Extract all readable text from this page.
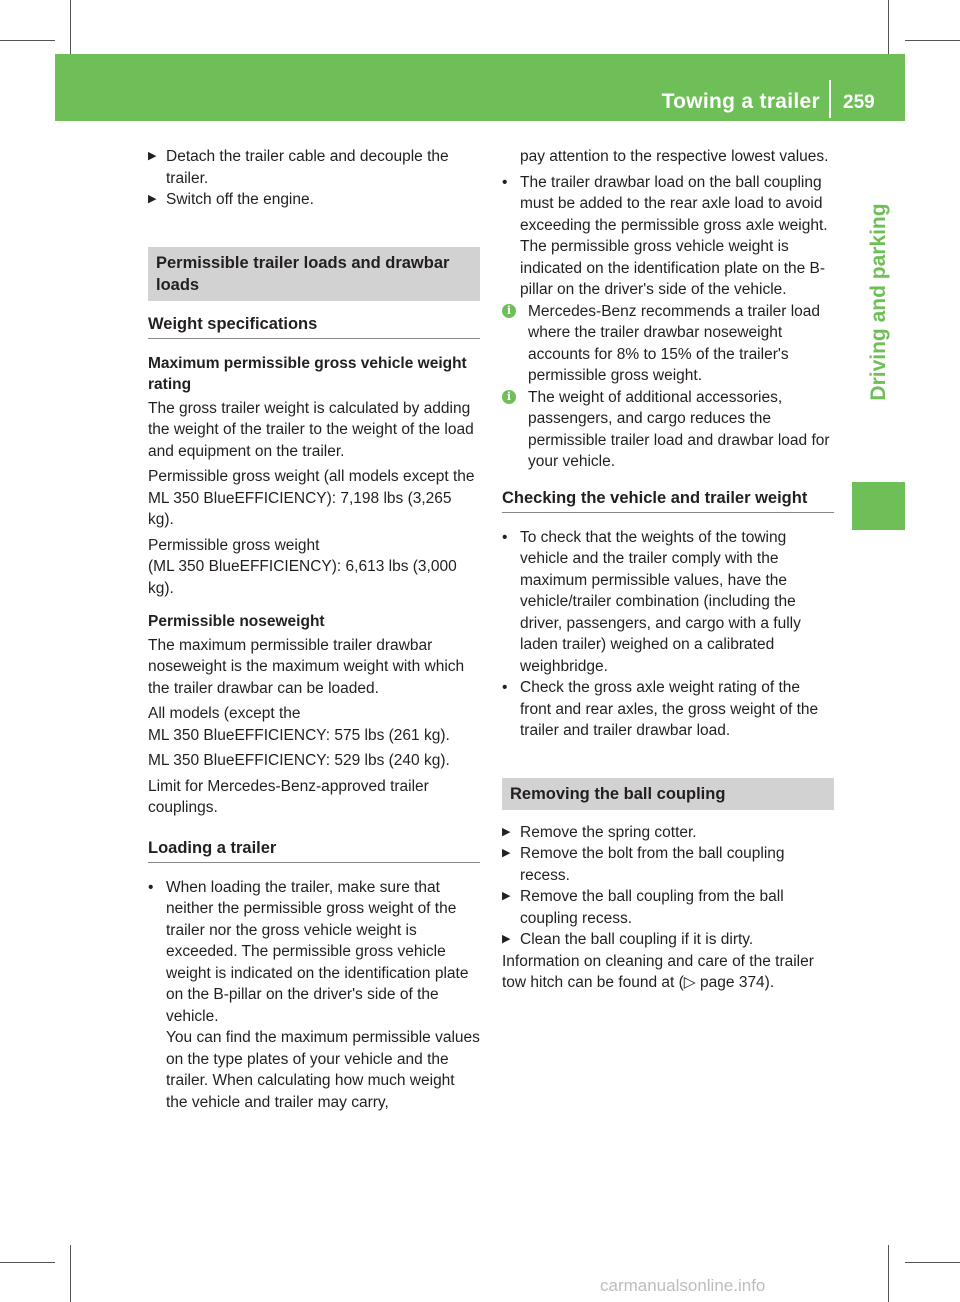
Towing a trailer 259
Driving and parking

▶ Detach the trailer cable and decouple the trailer.

▶ Switch off the engine.

Permissible trailer loads and drawbar loads
Weight specifications

Maximum permissible gross vehicle weight rating

The gross trailer weight is calculated by adding the weight of the trailer to the weight of the load and equipment on the trailer.

Permissible gross weight (all models except the ML 350 BlueEFFICIENCY): 7,198 lbs (3,265 kg).

Permissible gross weight
(ML 350 BlueEFFICIENCY): 6,613 lbs (3,000 kg).

Permissible noseweight

The maximum permissible trailer drawbar noseweight is the maximum weight with which the trailer drawbar can be loaded.

All models (except the
ML 350 BlueEFFICIENCY: 575 lbs (261 kg).

ML 350 BlueEFFICIENCY: 529 lbs (240 kg).

Limit for Mercedes-Benz-approved trailer couplings.

Loading a trailer

• When loading the trailer, make sure that neither the permissible gross weight of the trailer nor the gross vehicle weight is exceeded. The permissible gross vehicle weight is indicated on the identification plate on the B-pillar on the driver's side of the vehicle.

You can find the maximum permissible values on the type plates of your vehicle and the trailer. When calculating how much weight the vehicle and trailer may carry,

pay attention to the respective lowest values.

• The trailer drawbar load on the ball coupling must be added to the rear axle load to avoid exceeding the permissible gross axle weight. The permissible gross vehicle weight is indicated on the identification plate on the B-pillar on the driver's side of the vehicle.

i	Mercedes-Benz recommends a trailer load where the trailer drawbar noseweight accounts for 8% to 15% of the trailer's permissible gross weight.

i	The weight of additional accessories, passengers, and cargo reduces the permissible trailer load and drawbar load for your vehicle.

Checking the vehicle and trailer weight

• To check that the weights of the towing vehicle and the trailer comply with the maximum permissible values, have the vehicle/trailer combination (including the driver, passengers, and cargo with a fully laden trailer) weighed on a calibrated weighbridge.

• Check the gross axle weight rating of the front and rear axles, the gross weight of the trailer and trailer drawbar load.

Removing the ball coupling

▶ Remove the spring cotter.

▶ Remove the bolt from the ball coupling recess.

▶ Remove the ball coupling from the ball coupling recess.

▶ Clean the ball coupling if it is dirty.

Information on cleaning and care of the trailer tow hitch can be found at (▷ page 374).

carmanualsonline.info
